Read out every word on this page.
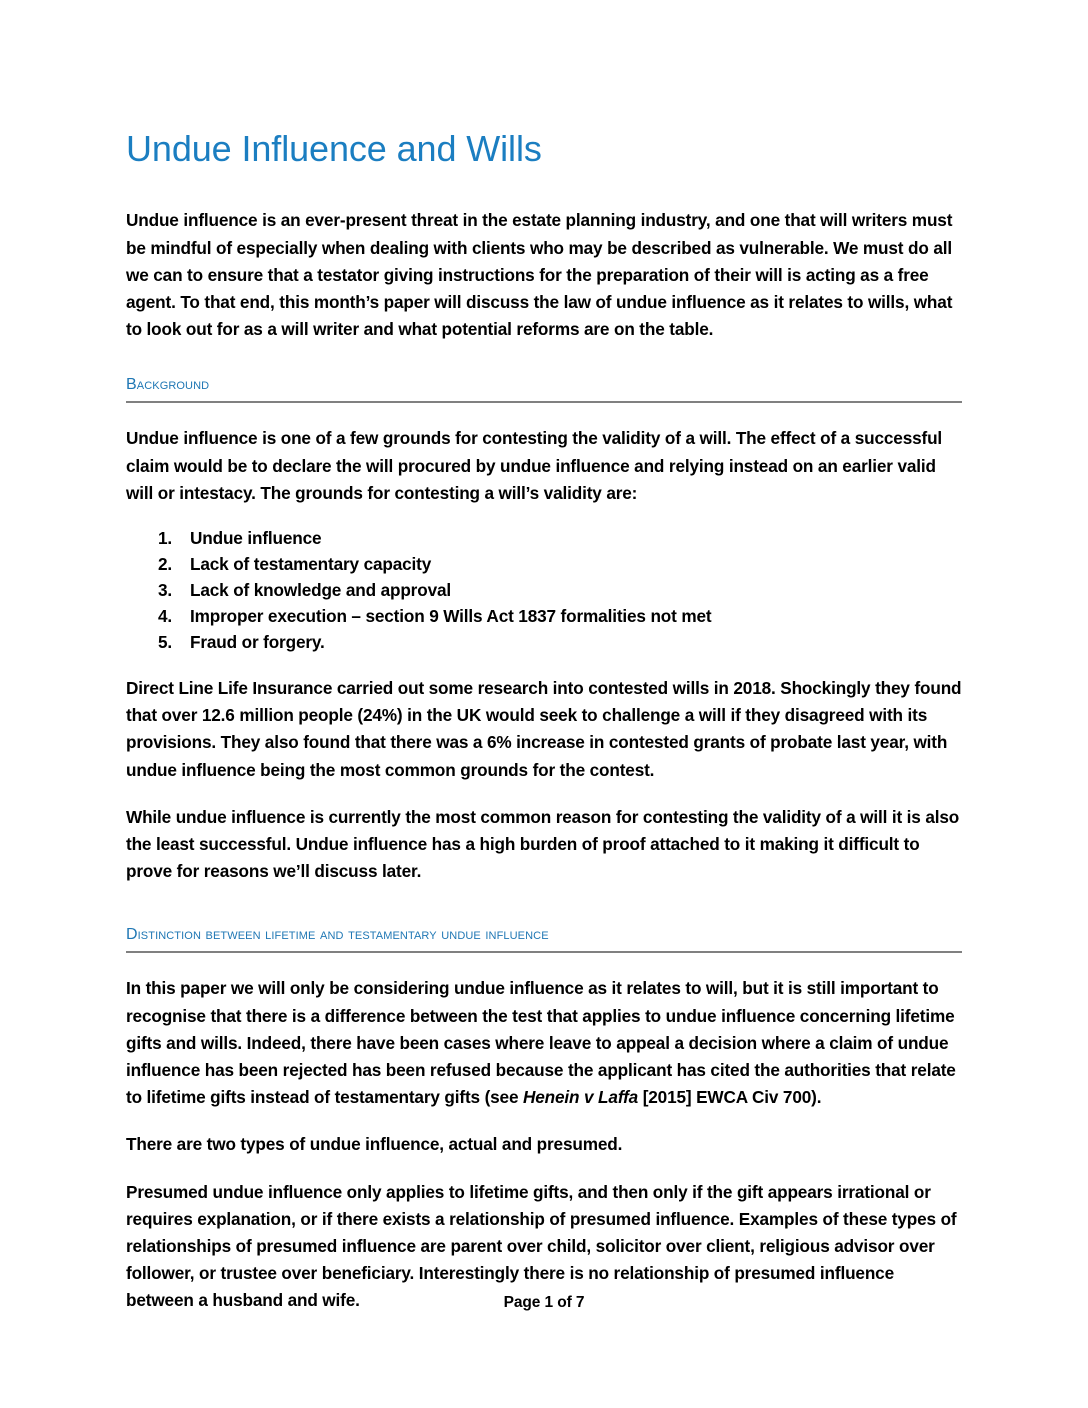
Undue Influence and Wills

Undue influence is an ever-present threat in the estate planning industry, and one that will writers must be mindful of especially when dealing with clients who may be described as vulnerable. We must do all we can to ensure that a testator giving instructions for the preparation of their will is acting as a free agent. To that end, this month’s paper will discuss the law of undue influence as it relates to wills, what to look out for as a will writer and what potential reforms are on the table.

Background

Undue influence is one of a few grounds for contesting the validity of a will. The effect of a successful claim would be to declare the will procured by undue influence and relying instead on an earlier valid will or intestacy. The grounds for contesting a will’s validity are:

1.	Undue influence
2.	Lack of testamentary capacity
3.	Lack of knowledge and approval
4.	Improper execution – section 9 Wills Act 1837 formalities not met
5.	Fraud or forgery.

Direct Line Life Insurance carried out some research into contested wills in 2018. Shockingly they found that over 12.6 million people (24%) in the UK would seek to challenge a will if they disagreed with its provisions. They also found that there was a 6% increase in contested grants of probate last year, with undue influence being the most common grounds for the contest.

While undue influence is currently the most common reason for contesting the validity of a will it is also the least successful. Undue influence has a high burden of proof attached to it making it difficult to prove for reasons we’ll discuss later.

Distinction between lifetime and testamentary undue influence

In this paper we will only be considering undue influence as it relates to will, but it is still important to recognise that there is a difference between the test that applies to undue influence concerning lifetime gifts and wills. Indeed, there have been cases where leave to appeal a decision where a claim of undue influence has been rejected has been refused because the applicant has cited the authorities that relate to lifetime gifts instead of testamentary gifts (see Henein v Laffa [2015] EWCA Civ 700).

There are two types of undue influence, actual and presumed.

Presumed undue influence only applies to lifetime gifts, and then only if the gift appears irrational or requires explanation, or if there exists a relationship of presumed influence. Examples of these types of relationships of presumed influence are parent over child, solicitor over client, religious advisor over follower, or trustee over beneficiary. Interestingly there is no relationship of presumed influence between a husband and wife.	Page 1 of 7
